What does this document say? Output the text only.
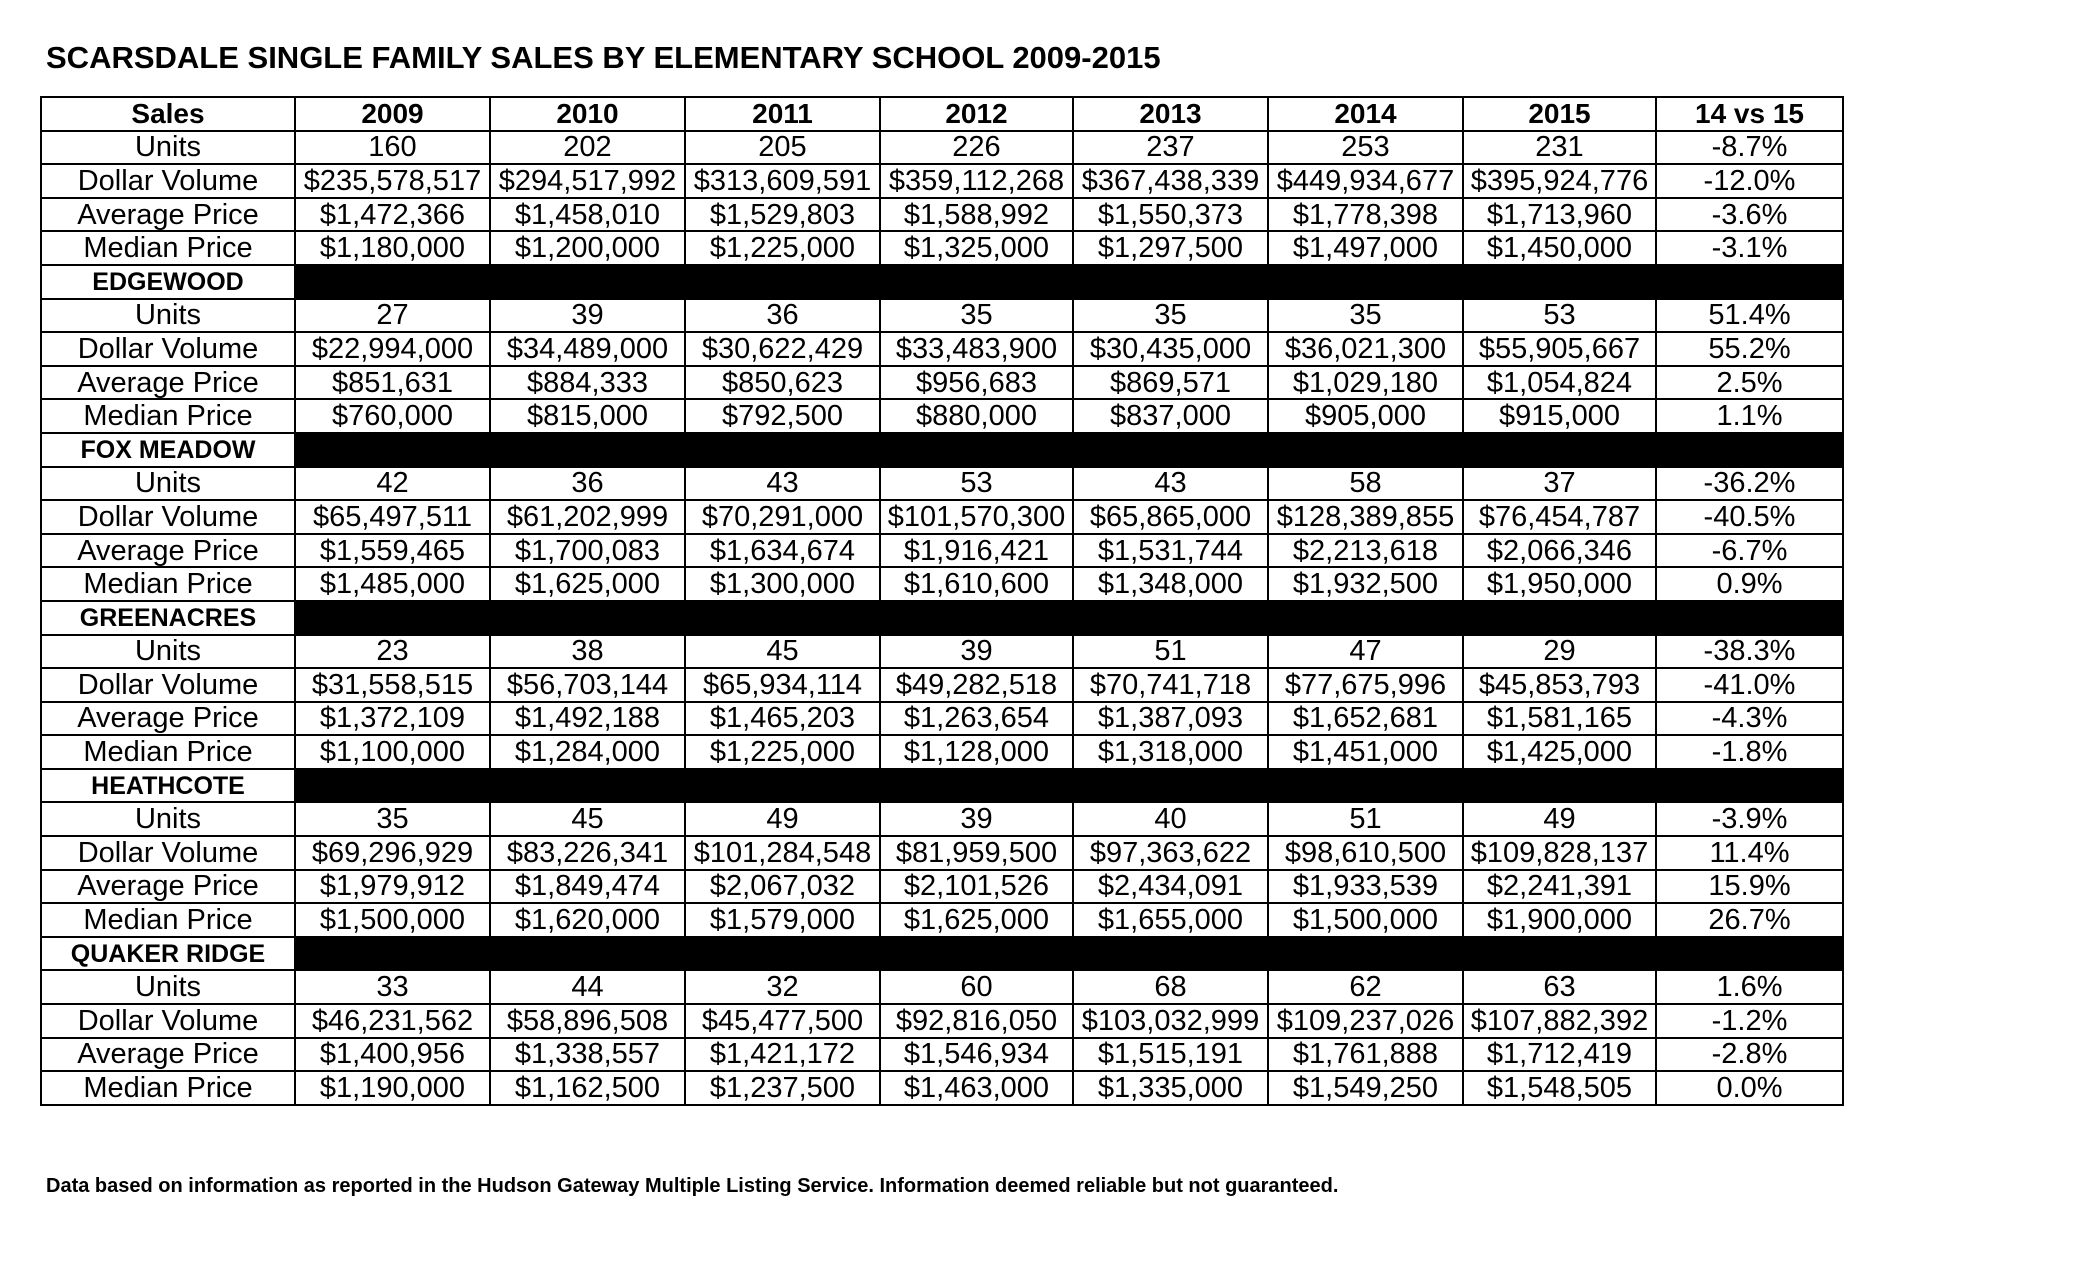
SCARSDALE SINGLE FAMILY SALES BY ELEMENTARY SCHOOL 2009-2015
Sales	2009	2010	2011	2012	2013	2014	2015	14 vs 15
Units	160	202	205	226	237	253	231	-8.7%
Dollar Volume	$235,578,517	$294,517,992	$313,609,591	$359,112,268	$367,438,339	$449,934,677	$395,924,776	-12.0%
Average Price	$1,472,366	$1,458,010	$1,529,803	$1,588,992	$1,550,373	$1,778,398	$1,713,960	-3.6%
Median Price	$1,180,000	$1,200,000	$1,225,000	$1,325,000	$1,297,500	$1,497,000	$1,450,000	-3.1%
EDGEWOOD								
Units	27	39	36	35	35	35	53	51.4%
Dollar Volume	$22,994,000	$34,489,000	$30,622,429	$33,483,900	$30,435,000	$36,021,300	$55,905,667	55.2%
Average Price	$851,631	$884,333	$850,623	$956,683	$869,571	$1,029,180	$1,054,824	2.5%
Median Price	$760,000	$815,000	$792,500	$880,000	$837,000	$905,000	$915,000	1.1%
FOX MEADOW								
Units	42	36	43	53	43	58	37	-36.2%
Dollar Volume	$65,497,511	$61,202,999	$70,291,000	$101,570,300	$65,865,000	$128,389,855	$76,454,787	-40.5%
Average Price	$1,559,465	$1,700,083	$1,634,674	$1,916,421	$1,531,744	$2,213,618	$2,066,346	-6.7%
Median Price	$1,485,000	$1,625,000	$1,300,000	$1,610,600	$1,348,000	$1,932,500	$1,950,000	0.9%
GREENACRES								
Units	23	38	45	39	51	47	29	-38.3%
Dollar Volume	$31,558,515	$56,703,144	$65,934,114	$49,282,518	$70,741,718	$77,675,996	$45,853,793	-41.0%
Average Price	$1,372,109	$1,492,188	$1,465,203	$1,263,654	$1,387,093	$1,652,681	$1,581,165	-4.3%
Median Price	$1,100,000	$1,284,000	$1,225,000	$1,128,000	$1,318,000	$1,451,000	$1,425,000	-1.8%
HEATHCOTE								
Units	35	45	49	39	40	51	49	-3.9%
Dollar Volume	$69,296,929	$83,226,341	$101,284,548	$81,959,500	$97,363,622	$98,610,500	$109,828,137	11.4%
Average Price	$1,979,912	$1,849,474	$2,067,032	$2,101,526	$2,434,091	$1,933,539	$2,241,391	15.9%
Median Price	$1,500,000	$1,620,000	$1,579,000	$1,625,000	$1,655,000	$1,500,000	$1,900,000	26.7%
QUAKER RIDGE								
Units	33	44	32	60	68	62	63	1.6%
Dollar Volume	$46,231,562	$58,896,508	$45,477,500	$92,816,050	$103,032,999	$109,237,026	$107,882,392	-1.2%
Average Price	$1,400,956	$1,338,557	$1,421,172	$1,546,934	$1,515,191	$1,761,888	$1,712,419	-2.8%
Median Price	$1,190,000	$1,162,500	$1,237,500	$1,463,000	$1,335,000	$1,549,250	$1,548,505	0.0%
Data based on information as reported in the Hudson Gateway Multiple Listing Service. Information deemed reliable but not guaranteed.
